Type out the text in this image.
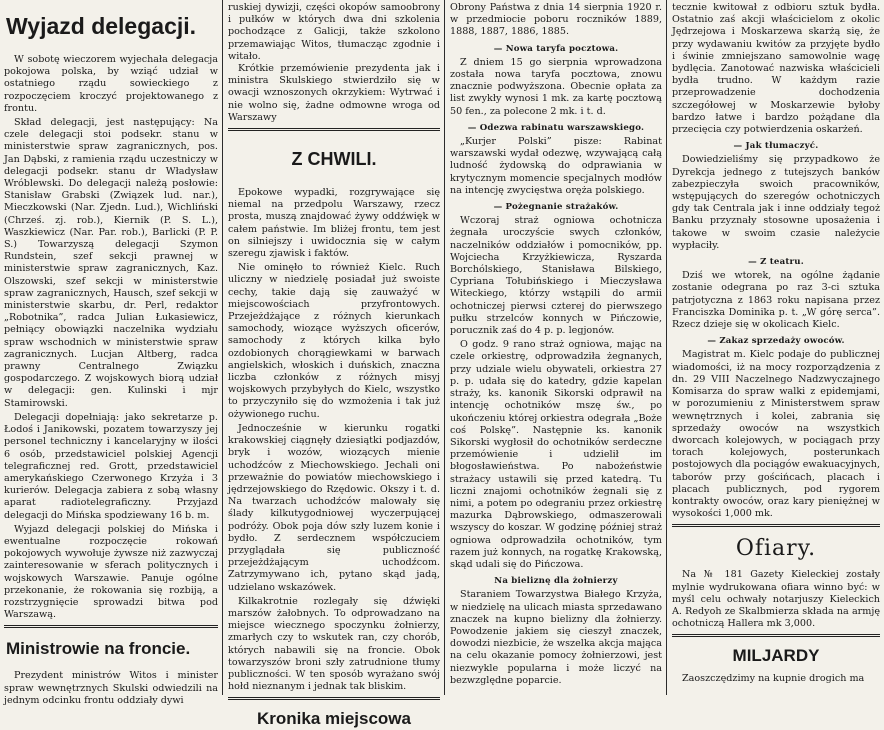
Wyjazd delegacji.

W sobotę wieczorem wyjechała delegacja pokojowa polska, by wziąć udział w ostatniego rządu sowieckiego z rozpoczęciem kroczyć projektowanego z frontu.

Skład delegacji, jest następujący: Na czele delegacji stoi podsekr. stanu w ministerstwie spraw zagranicznych, pos. Jan Dąbski, z ramienia rządu uczestniczy w delegacji podsekr. stanu dr Władysław Wróblewski. Do delegacji należą posłowie: Stanisław Grabski (Związek lud. nar.), Mieczkowski (Nar. Zjedn. Lud.), Wichliński (Chrześ. zj. rob.), Kiernik (P. S. L.), Waszkiewicz (Nar. Par. rob.), Barlicki (P. P. S.) Towarzyszą delegacji Szymon Rundstein, szef sekcji prawnej w ministerstwie spraw zagranicznych, Kaz. Olszowski, szef sekcji w ministerstwie spraw zagranicznych, Hausch, szef sekcji w ministerstwie skarbu, dr. Perl, redaktor „Robotnika”, radca Julian Łukasiewicz, pełniący obowiązki naczelnika wydziału spraw wschodnich w ministerstwie spraw zagranicznych. Lucjan Altberg, radca prawny Centralnego Związku gospodarczego. Z wojskowych biorą udział w delegacji: gen. Kulinski i mjr Stamirowski.

Delegacji dopełniają: jako sekretarze p. Łodoś i Janikowski, pozatem towarzyszy jej personel techniczny i kancelaryjny w ilości 6 osób, przedstawiciel polskiej Agencji telegraficznej red. Grott, przedstawiciel amerykańskiego Czerwonego Krzyża i 3 kurierów. Delegacja zabiera z sobą własny aparat radiotelegraficzny. Przyjazd delegacji do Mińska spodziewany 16 b. m.

Wyjazd delegacji polskiej do Mińska i ewentualne rozpoczęcie rokowań pokojowych wywołuje żywsze niż zazwyczaj zainteresowanie w sferach politycznych i wojskowych Warszawie. Panuje ogólne przekonanie, że rokowania się rozbiją, a rozstrzygnięcie sprowadzi bitwa pod Warszawą.

Ministrowie na froncie.

Prezydent ministrów Witos i minister spraw wewnętrznych Skulski odwiedzili na jednym odcinku frontu oddziały dywi

ruskiej dywizji, części okopów samoobrony i pułków w których dwa dni szkolenia pochodzące z Galicji, także szkolono przemawiając Witos, tłumacząc zgodnie i witało.

Krótkie przemówienie prezydenta jak i ministra Skulskiego stwierdziło się w owacji wznoszonych okrzykiem: Wytrwać i nie wolno się, żadne odmowne wroga od Warszawy

Z CHWILI.

Epokowe wypadki, rozgrywające się niemal na przedpolu Warszawy, rzecz prosta, muszą znajdować żywy oddźwięk w całem państwie. Im bliżej frontu, tem jest on silniejszy i uwidocznia się w całym szeregu zjawisk i faktów.

Nie ominęło to również Kielc. Ruch uliczny w niedzielę posiadał już swoiste cechy, takie dają się zauważyć w miejscowościach przyfrontowych. Przejeżdżające z różnych kierunkach samochody, wiozące wyższych oficerów, samochody z których kilka było ozdobionych chorągiewkami w barwach angielskich, włoskich i duńskich, znaczna liczba członków z różnych misyj wojskowych przybyłych do Kielc, wszystko to przyczyniło się do wzmożenia i tak już ożywionego ruchu.

Jednocześnie w kierunku rogatki krakowskiej ciągnęły dziesiątki podjazdów, bryk i wozów, wiozących mienie uchodźców z Miechowskiego. Jechali oni przeważnie do powiatów miechowskiego i jędrzejowskiego do Rzędowic. Okszy i t. d. Na twarzach uchodźców malowały się ślady kilkutygodniowej wyczerpującej podróży. Obok poja dów szły luzem konie i bydło. Z serdecznem współczuciem przyglądała się publiczność przejeżdżającym uchodźcom. Zatrzymywano ich, pytano skąd jadą, udzielano wskazówek.

Kilkakrotnie rozlegały się dźwięki marszów żałobnych. To odprowadzano na miejsce wiecznego spoczynku żołnierzy, zmarłych czy to wskutek ran, czy chorób, których nabawili się na froncie. Obok towarzyszów broni szły zatrudnione tłumy publiczności. W ten sposób wyrażano swój hołd nieznanym i jednak tak bliskim.

Kronika miejscowa

Obrony Państwa z dnia 14 sierpnia 1920 r. w przedmiocie poboru roczników 1889, 1888, 1887, 1886, 1885.

— Nowa taryfa pocztowa.

Z dniem 15 go sierpnia wprowadzona została nowa taryfa pocztowa, znowu znacznie podwyższona. Obecnie opłata za list zwykły wynosi 1 mk. za kartę pocztową 50 fen., za polecone 2 mk. i t. d.

— Odezwa rabinatu warszawskiego.

„Kurjer Polski” pisze: Rabinat warszawski wydał odezwę, wzywającą całą ludność żydowską do odprawiania w krytycznym momencie specjalnych modłów na intencję zwycięstwa oręża polskiego.

— Pożegnanie strażaków.

Wczoraj straż ogniowa ochotnicza żegnała uroczyście swych członków, naczelników oddziałów i pomocników, pp. Wojciecha Krzyżkiewicza, Ryszarda Borchólskiego, Stanisława Bilskiego, Cypriana Tołubińskiego i Mieczysława Witeckiego, którzy wstąpili do armii ochotniczej pierwsi czterej do pierwszego pułku strzelców konnych w Pińczowie, porucznik zaś do 4 p. p. legjonów.

O godz. 9 rano straż ogniowa, mając na czele orkiestrę, odprowadziła żegnanych, przy udziale wielu obywateli, orkiestra 27 p. p. udała się do katedry, gdzie kapelan straży, ks. kanonik Sikorski odprawił na intencję ochotników mszę św., po ukończeniu której orkiestra odegrała „Boże coś Polskę”. Następnie ks. kanonik Sikorski wygłosił do ochotników serdeczne przemówienie i udzielił im błogosławieństwa. Po nabożeństwie strażacy ustawili się przed katedrą. Tu liczni znajomi ochotników żegnali się z nimi, a potem po odegraniu przez orkiestrę mazurka Dąbrowskiego, odmaszerowali wszyscy do koszar. W godzinę później straż ogniowa odprowadziła ochotników, tym razem już konnych, na rogatkę Krakowską, skąd udali się do Pińczowa.

Na bieliznę dla żołnierzy

Staraniem Towarzystwa Białego Krzyża, w niedzielę na ulicach miasta sprzedawano znaczek na kupno bielizny dla żołnierzy. Powodzenie jakiem się cieszył znaczek, dowodzi niezbicie, że wszelka akcja mająca na celu okazanie pomocy żołnierzowi, jest niezwykle popularna i może liczyć na bezwzględne poparcie.

tecznie kwitował z odbioru sztuk bydła. Ostatnio zaś akcji właścicielom z okolic Jędrzejowa i Moskarzewa skarżą się, że przy wydawaniu kwitów za przyjęte bydło i świnie zmniejszano samowolnie wagę bydlęcia. Zanotować nazwiska właścicieli bydła trudno. W każdym razie przeprowadzenie dochodzenia szczegółowej w Moskarzewie byłoby bardzo łatwe i bardzo pożądane dla przecięcia czy potwierdzenia oskarżeń.

— Jak tłumaczyć.

Dowiedzieliśmy się przypadkowo że Dyrekcja jednego z tutejszych banków zabezpieczyła swoich pracowników, wstępujących do szeregów ochotniczych gdy tak Centrala jak i inne oddziały tegoż Banku przyznały stosowne uposażenia i takowe w swoim czasie należycie wypłaciły.

— Z teatru.

Dziś we wtorek, na ogólne żądanie zostanie odegrana po raz 3-ci sztuka patrjotyczna z 1863 roku napisana przez Franciszka Dominika p. t. „W górę serca”. Rzecz dzieje się w okolicach Kielc.

— Zakaz sprzedaży owoców.

Magistrat m. Kielc podaje do publicznej wiadomości, iż na mocy rozporządzenia z dn. 29 VIII Naczelnego Nadzwyczajnego Komisarza do spraw walki z epidemjami, w porozumieniu z Ministerstwem spraw wewnętrznych i kolei, zabrania się sprzedaży owoców na wszystkich dworcach kolejowych, w pociągach przy torach kolejowych, posterunkach postojowych dla pociągów ewakuacyjnych, taborów przy gościńcach, placach i placach publicznych, pod rygorem kontrakty owoców, oraz kary pieniężnej w wysokości 1,000 mk.

Ofiary.

Na № 181 Gazety Kieleckiej zostały mylnie wydrukowana ofiara winno być: w myśl celu ochwały notarjuszy Kieleckich A. Redyoh ze Skalbmierza składa na armję ochotniczą Hallera mk 3,000.

MILJARDY

Zaoszczędzimy na kupnie drogich ma
